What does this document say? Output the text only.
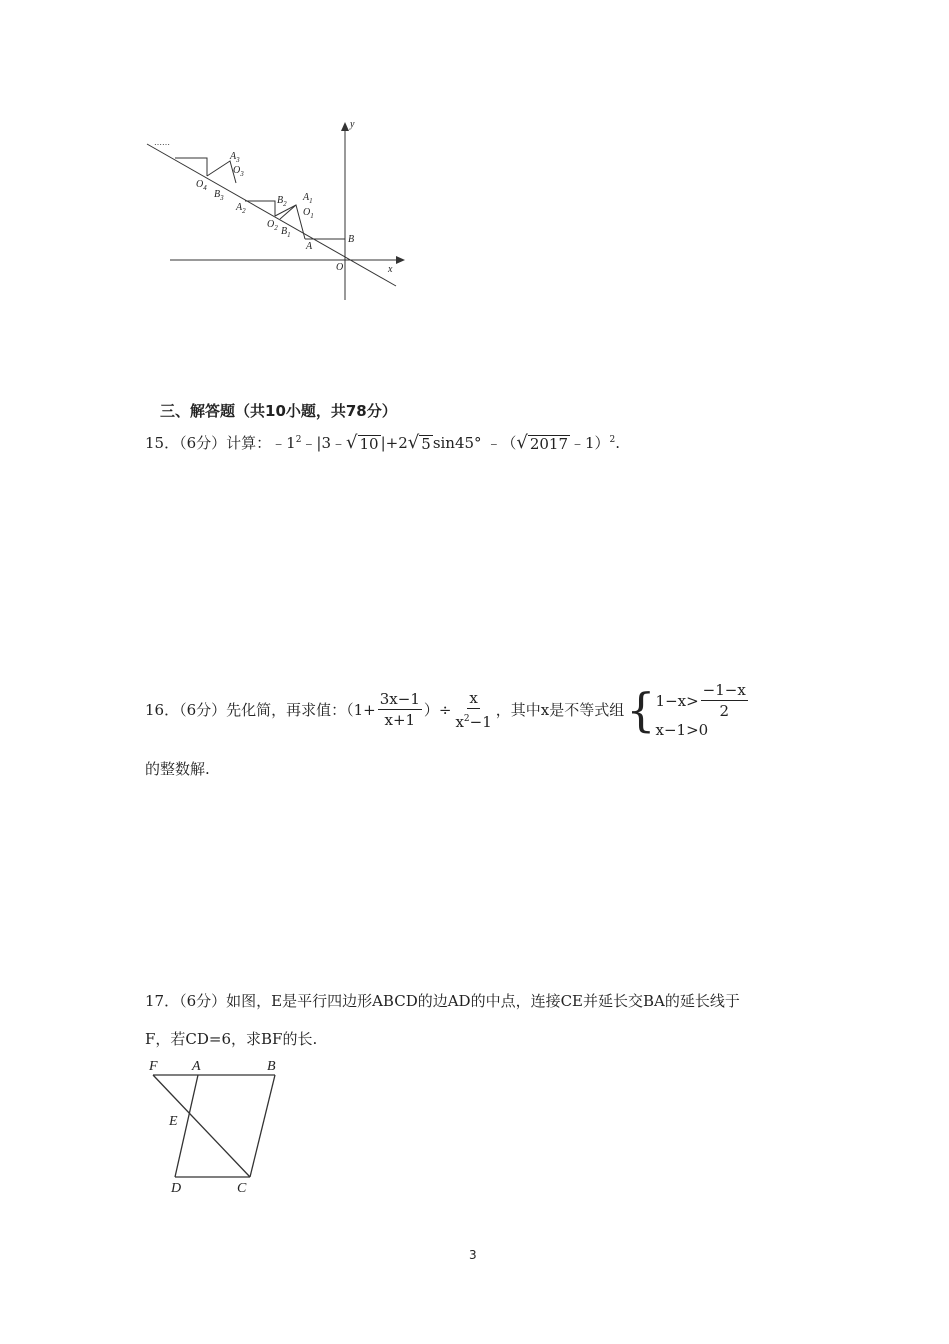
y
x
O
……
$A_3$
$O_3$
$O_4$
$B_3$
$A_2$
$B_2$
$A_1$
$O_1$
$O_2$ $B_1$
A
B
三、解答题（共10小题，共78分）
15．（6分）计算：$﹣1^2﹣|3﹣$ √ 10 |+2 √ 5 sin45° ﹣（ √ 2017 ﹣1）$^2$.
16．（6分）先化简，再求值：（$1+ \frac{3x-1}{x+1}$ ）÷ $\frac{x}{x^2-1}$ ，其中x是不等式组 { $1-x> \frac{-1-x}{2}$
x−1>0
的整数解.
17．（6分）如图，E是平行四边形ABCD的边AD的中点，连接CE并延长交BA的延长线于
F，若CD=6，求BF的长.
F A	B
E
D	C
3
